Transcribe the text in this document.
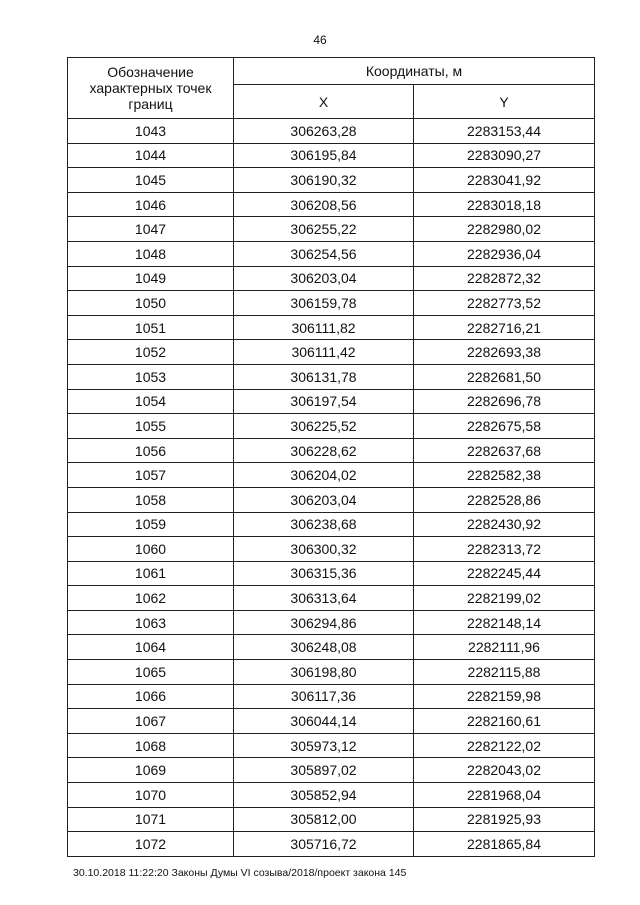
46
Обозначение характерных точек границ	Координаты, м	
	X	Y
1043	306263,28	2283153,44
1044	306195,84	2283090,27
1045	306190,32	2283041,92
1046	306208,56	2283018,18
1047	306255,22	2282980,02
1048	306254,56	2282936,04
1049	306203,04	2282872,32
1050	306159,78	2282773,52
1051	306111,82	2282716,21
1052	306111,42	2282693,38
1053	306131,78	2282681,50
1054	306197,54	2282696,78
1055	306225,52	2282675,58
1056	306228,62	2282637,68
1057	306204,02	2282582,38
1058	306203,04	2282528,86
1059	306238,68	2282430,92
1060	306300,32	2282313,72
1061	306315,36	2282245,44
1062	306313,64	2282199,02
1063	306294,86	2282148,14
1064	306248,08	2282111,96
1065	306198,80	2282115,88
1066	306117,36	2282159,98
1067	306044,14	2282160,61
1068	305973,12	2282122,02
1069	305897,02	2282043,02
1070	305852,94	2281968,04
1071	305812,00	2281925,93
1072	305716,72	2281865,84
30.10.2018 11:22:20 Законы Думы VI созыва/2018/проект закона 145
